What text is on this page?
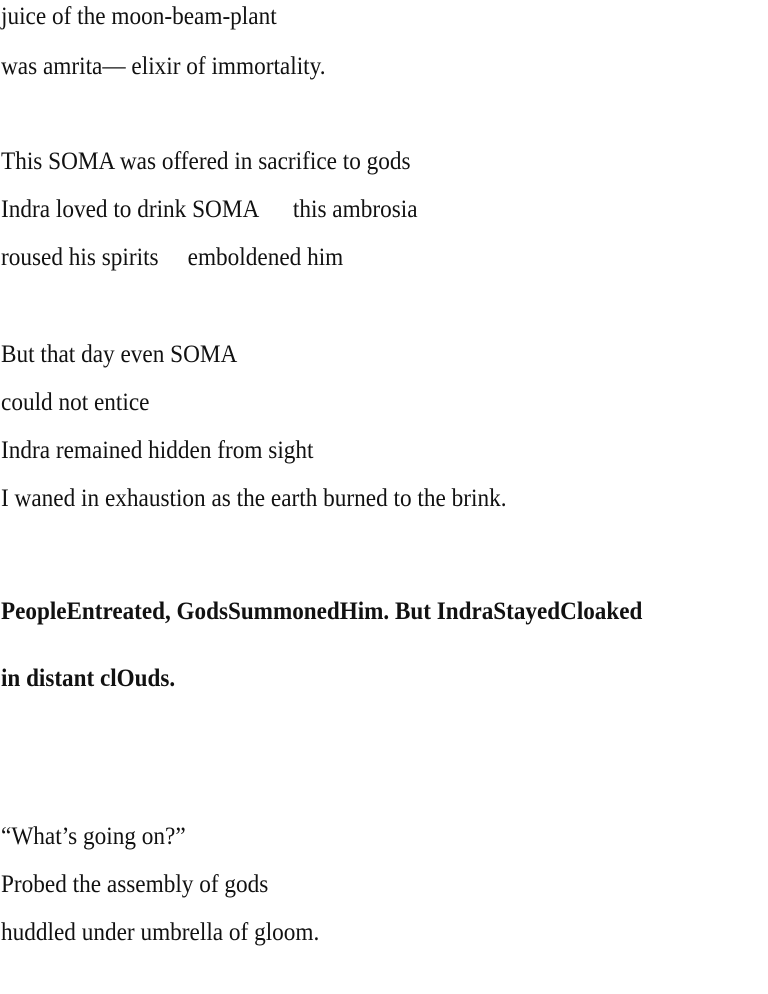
juice of the moon-beam-plant
was amrita— elixir of immortality.
This SOMA was offered in sacrifice to gods
Indra loved to drink SOMA      this ambrosia
roused his spirits     emboldened him
But that day even SOMA
could not entice
Indra remained hidden from sight
I waned in exhaustion as the earth burned to the brink.
PeopleEntreated, GodsSummonedHim. But IndraStayedCloaked
in distant clOuds.
“What’s going on?”
Probed the assembly of gods
huddled under umbrella of gloom.
